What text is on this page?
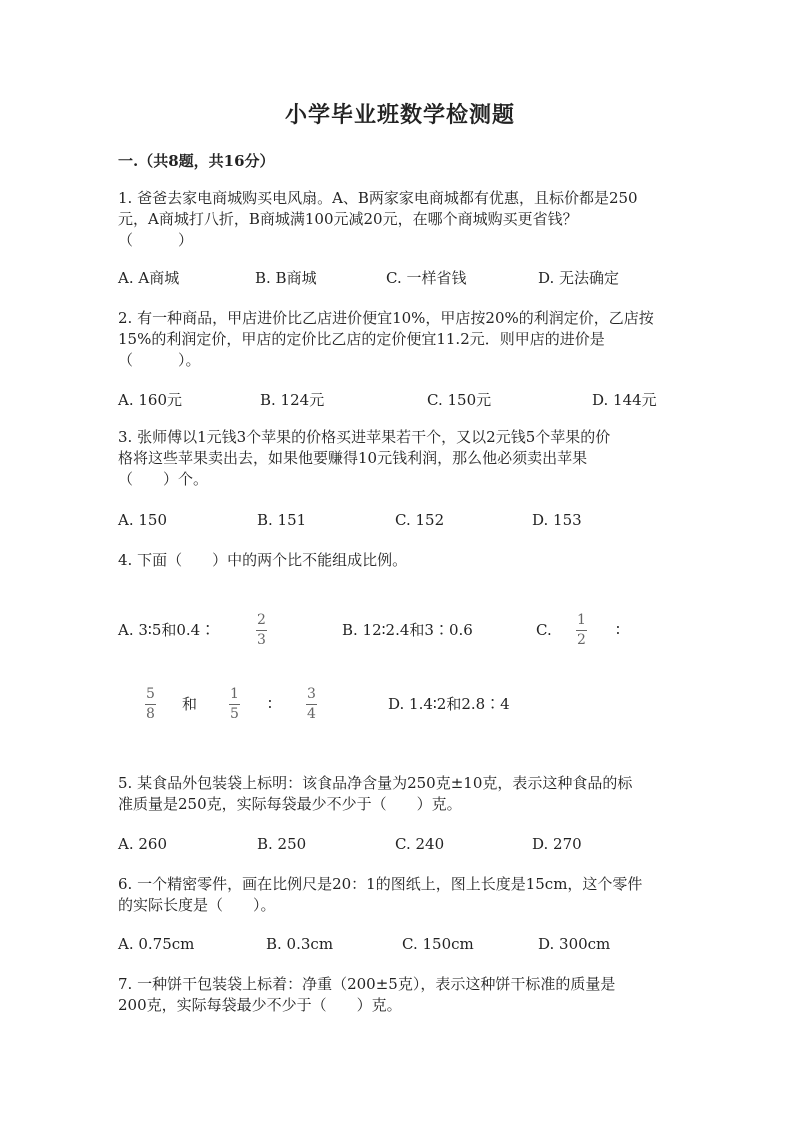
小学毕业班数学检测题
一.（共8题，共16分）
1. 爸爸去家电商城购买电风扇。A、B两家家电商城都有优惠，且标价都是250
元，A商城打八折，B商城满100元减20元，在哪个商城购买更省钱？
（　　　）
A. A商城	B. B商城	C. 一样省钱	D. 无法确定
2. 有一种商品，甲店进价比乙店进价便宜10%，甲店按20%的利润定价，乙店按
15%的利润定价，甲店的定价比乙店的定价便宜11.2元．则甲店的进价是
（　　　）。
A. 160元	B. 124元	C. 150元	D. 144元
3. 张师傅以1元钱3个苹果的价格买进苹果若干个，又以2元钱5个苹果的价
格将这些苹果卖出去，如果他要赚得10元钱利润，那么他必须卖出苹果
（　　）个。
A. 150	B. 151	C. 152	D. 153
4. 下面（　　）中的两个比不能组成比例。
A. 3∶5和0.4∶
2
3
B. 12∶2.4和3∶0.6	C.
1
2
∶
5
8
和
1
5
∶
3
4
D. 1.4∶2和2.8∶4
5. 某食品外包装袋上标明：该食品净含量为250克±10克，表示这种食品的标
准质量是250克，实际每袋最少不少于（　　）克。
A. 260	B. 250	C. 240	D. 270
6. 一个精密零件，画在比例尺是20：1的图纸上，图上长度是15cm，这个零件
的实际长度是（　　）。
A. 0.75cm	B. 0.3cm	C. 150cm	D. 300cm
7. 一种饼干包装袋上标着：净重（200±5克），表示这种饼干标准的质量是
200克，实际每袋最少不少于（　　）克。
